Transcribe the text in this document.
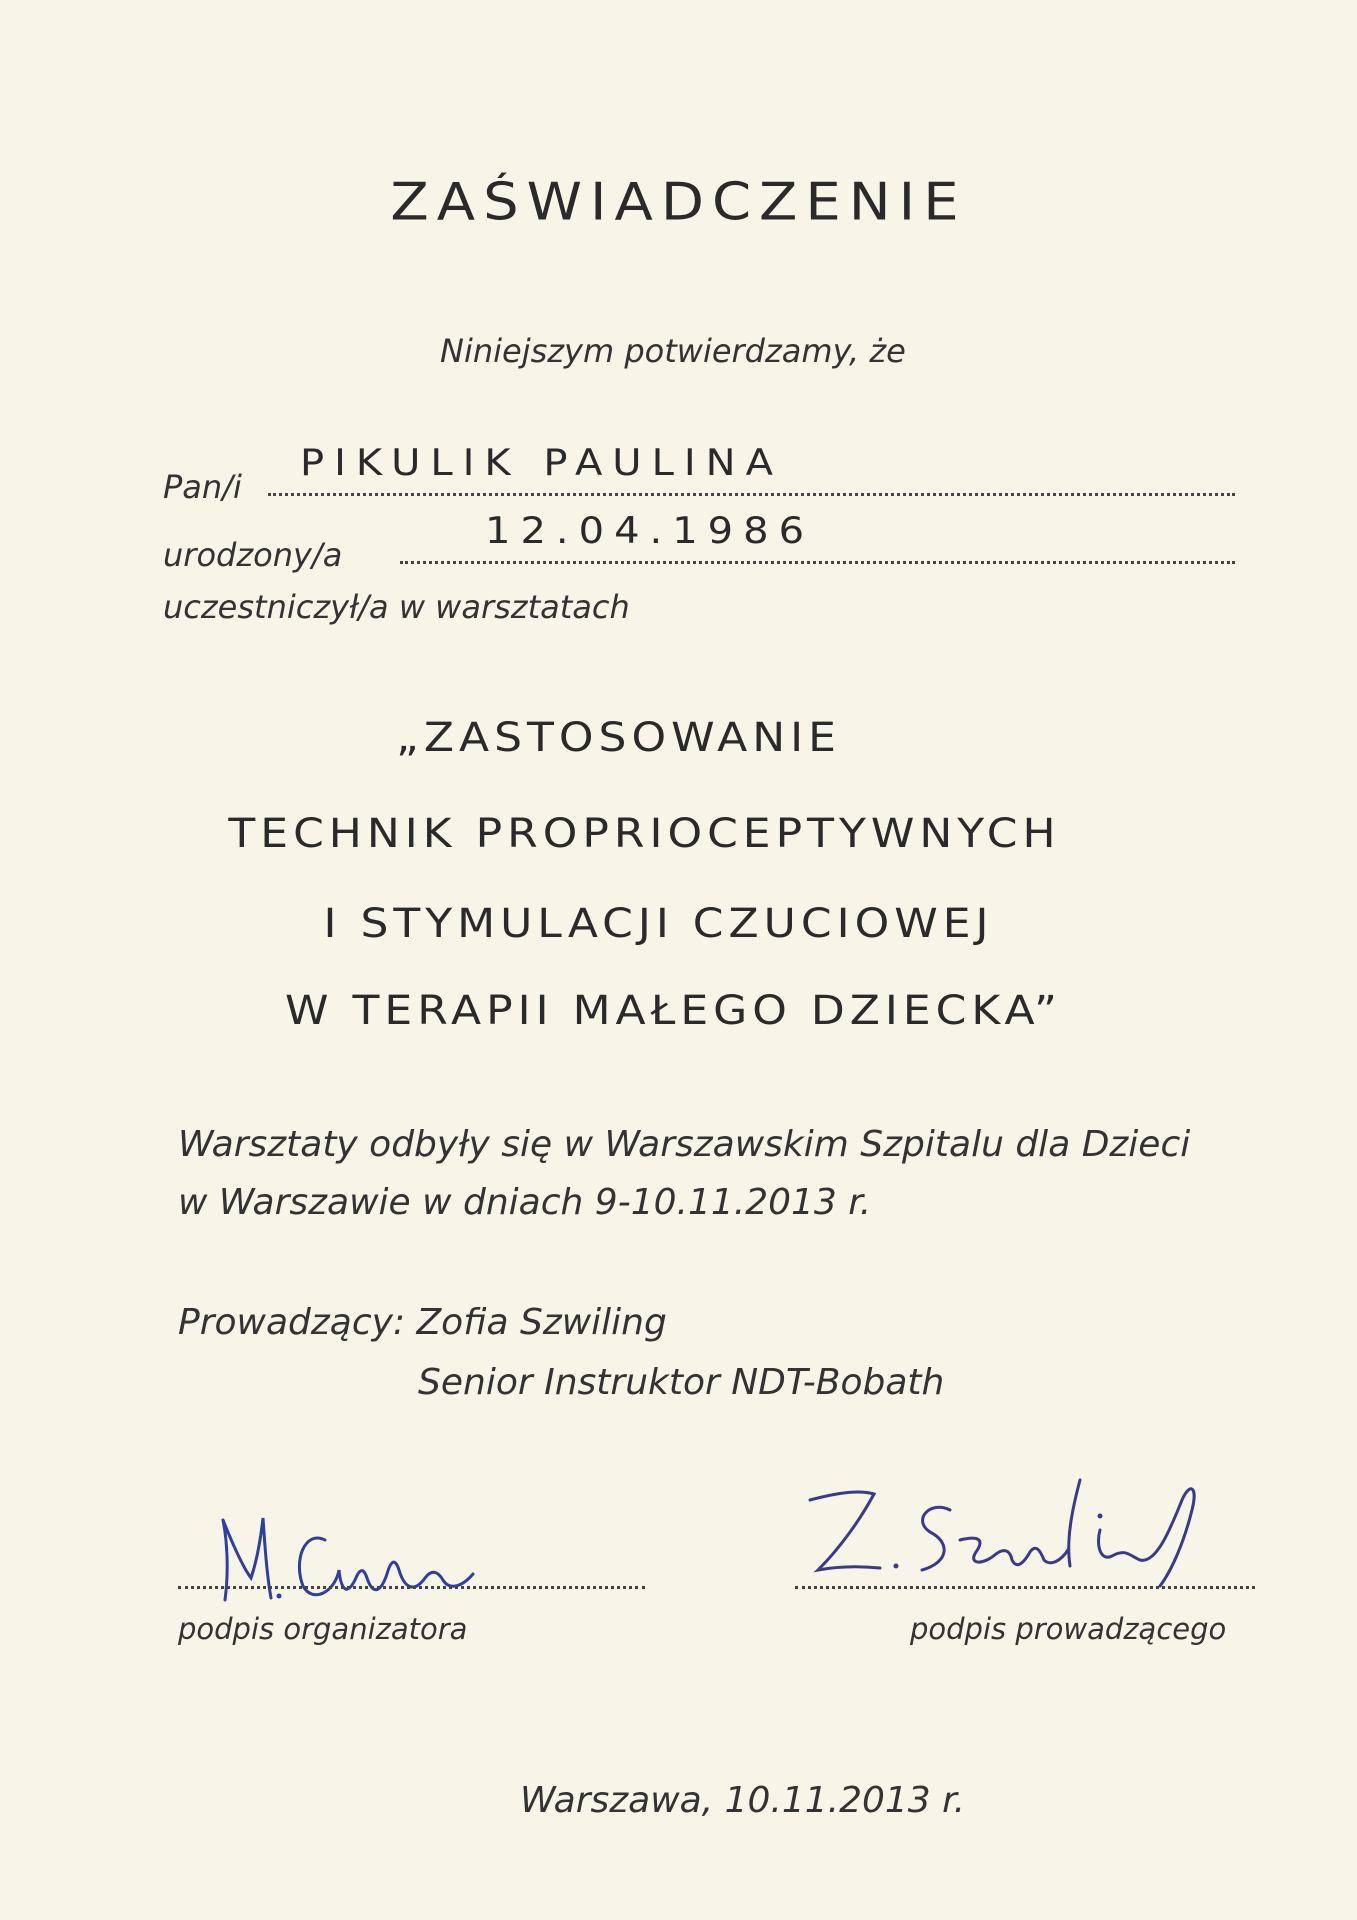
ZAŚWIADCZENIE
Niniejszym potwierdzamy, że
Pan/i
PIKULIK PAULINA
urodzony/a
12.04.1986
uczestniczył/a w warsztatach
„ZASTOSOWANIE
TECHNIK PROPRIOCEPTYWNYCH
I STYMULACJI CZUCIOWEJ
W TERAPII MAŁEGO DZIECKA”
Warsztaty odbyły się w Warszawskim Szpitalu dla Dzieci
w Warszawie w dniach 9-10.11.2013 r.
Prowadzący: Zofia Szwiling
Senior Instruktor NDT-Bobath
podpis organizatora	podpis prowadzącego
Warszawa, 10.11.2013 r.
